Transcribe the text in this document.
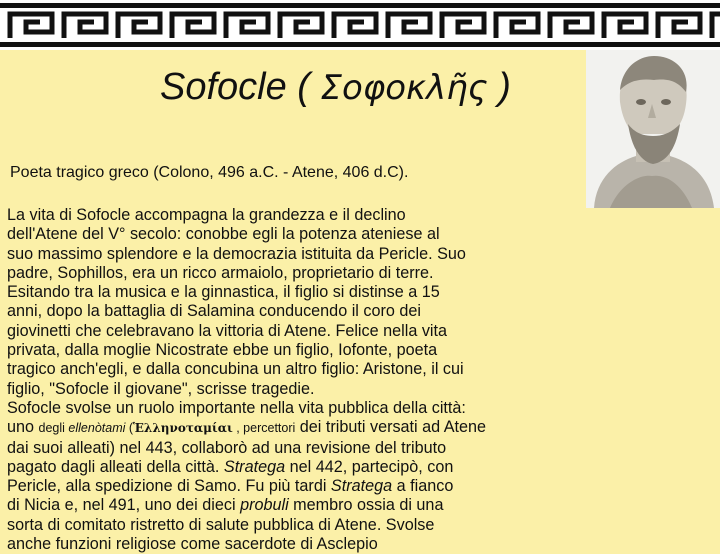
Sofocle ( Σοφοκλῆς )
Poeta tragico greco (Colono, 496 a.C. - Atene, 406 d.C).
La vita di Sofocle accompagna la grandezza e il declino
dell'Atene del V° secolo: conobbe egli la potenza ateniese al
suo massimo splendore e la democrazia istituita da Pericle. Suo
padre, Sophillos, era un ricco armaiolo, proprietario di terre.
Esitando tra la musica e la ginnastica, il figlio si distinse a 15
anni, dopo la battaglia di Salamina conducendo il coro dei
giovinetti che celebravano la vittoria di Atene. Felice nella vita
privata, dalla moglie Nicostrate ebbe un figlio, Iofonte, poeta
tragico anch'egli, e dalla concubina un altro figlio: Aristone, il cui
figlio, "Sofocle il giovane", scrisse tragedie.
Sofocle svolse un ruolo importante nella vita pubblica della città:
uno degli ellenòtami (Ἑλληνοταμίαι , percettori dei tributi versati ad Atene
dai suoi alleati) nel 443, collaborò ad una revisione del tributo
pagato dagli alleati della città. Stratega nel 442, partecipò, con
Pericle, alla spedizione di Samo. Fu più tardi Stratega a fianco
di Nicia e, nel 491, uno dei dieci probuli membro ossia di una
sorta di comitato ristretto di salute pubblica di Atene. Svolse
anche funzioni religiose come sacerdote di Asclepio
